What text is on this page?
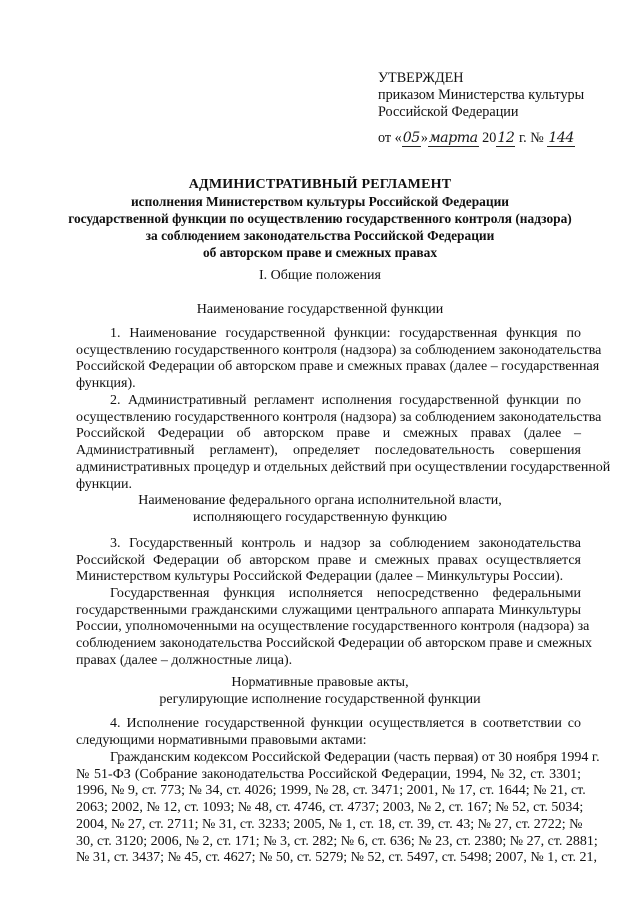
УТВЕРЖДЕН
приказом Министерства культуры
Российской Федерации
от «05»марта 2012 г. № 144
АДМИНИСТРАТИВНЫЙ РЕГЛАМЕНТ
исполнения Министерством культуры Российской Федерации
государственной функции по осуществлению государственного контроля (надзора)
за соблюдением законодательства Российской Федерации
об авторском праве и смежных правах
I. Общие положения
Наименование государственной функции
1. Наименование государственной функции: государственная функция по
осуществлению государственного контроля (надзора) за соблюдением законодательства
Российской Федерации об авторском праве и смежных правах (далее – государственная
функция).
2. Административный регламент исполнения государственной функции по
осуществлению государственного контроля (надзора) за соблюдением законодательства
Российской Федерации об авторском праве и смежных правах (далее –
Административный регламент), определяет последовательность совершения
административных процедур и отдельных действий при осуществлении государственной
функции.
Наименование федерального органа исполнительной власти,
исполняющего государственную функцию
3. Государственный контроль и надзор за соблюдением законодательства
Российской Федерации об авторском праве и смежных правах осуществляется
Министерством культуры Российской Федерации (далее – Минкультуры России).
Государственная функция исполняется непосредственно федеральными
государственными гражданскими служащими центрального аппарата Минкультуры
России, уполномоченными на осуществление государственного контроля (надзора) за
соблюдением законодательства Российской Федерации об авторском праве и смежных
правах (далее – должностные лица).
Нормативные правовые акты,
регулирующие исполнение государственной функции
4. Исполнение государственной функции осуществляется в соответствии со
следующими нормативными правовыми актами:
Гражданским кодексом Российской Федерации (часть первая) от 30 ноября 1994 г.
№ 51-ФЗ (Собрание законодательства Российской Федерации, 1994, № 32, ст. 3301;
1996, № 9, ст. 773; № 34, ст. 4026; 1999, № 28, ст. 3471; 2001, № 17, ст. 1644; № 21, ст.
2063; 2002, № 12, ст. 1093; № 48, ст. 4746, ст. 4737; 2003, № 2, ст. 167; № 52, ст. 5034;
2004, № 27, ст. 2711; № 31, ст. 3233; 2005, № 1, ст. 18, ст. 39, ст. 43; № 27, ст. 2722; №
30, ст. 3120; 2006, № 2, ст. 171; № 3, ст. 282; № 6, ст. 636; № 23, ст. 2380; № 27, ст. 2881;
№ 31, ст. 3437; № 45, ст. 4627; № 50, ст. 5279; № 52, ст. 5497, ст. 5498; 2007, № 1, ст. 21,
